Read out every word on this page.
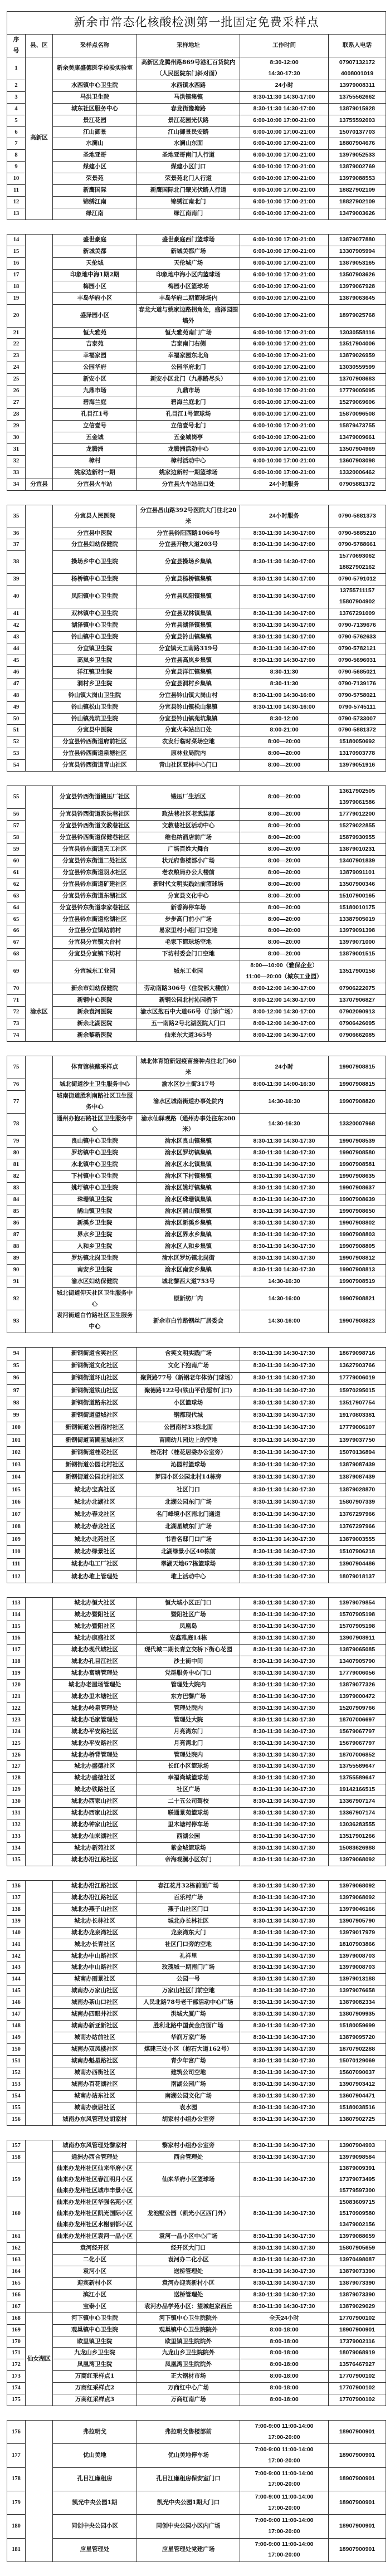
新余市常态化核酸检测第一批固定免费采样点					
序
号	县、区	采样点名称	采样地址	工作时间	联系人电话
1	高新区	新余美康盛德医学检验实验室	高新区龙腾州路869号港汇百货院内
（人民医院东门斜对面）	8:30-12:00
14:30-17:30	07907132172
4008001019
2		水西镇中心卫生院	水西镇水西路	24小时	13979008311
3		马洪卫生院	马洪镇集镇	8:30-11:30 14:30-17:00	13755562662
4		城东社区服务中心	春龙街豫塘路	8:30-11:30 14:30-17:00	13879015928
5		景江花园	景江花园光伏路	6:00-10:00 17:00-21:00	13755592003
6		江山御景	江山御景民安路	6:00-10:00 17:00-21:00	15070137703
7		水澜山	水澜山东面	6:00-10:00 17:00-21:00	18807904676
8		圣地亚哥	圣地亚哥南门人行道	6:00-10:00 17:00-21:00	13979052533
9		煤建小区	煤建小区门口	6:00-10:00 17:00-21:00	13879002769
10		荣景苑	荣景苑北门人行道	6:00-10:00 17:00-21:00	13979088553
11		新鹰国际	新鹰国际北门肇光伏路人行道	6:00-10:00 17:00-21:00	18827902109
12		锦绣江南	锦绣江南北门	6:00-10:00 17:00-21:00	18827902109
13		绿江南	绿江南南门	6:00-10:00 17:00-21:00	13479003626
14		盛世豪庭	盛世豪庭西门篮球场	6:00-10:00 17:00-21:00	13879077880
15		新城美都	新城美都广场	6:00-10:00 17:00-21:00	13307905994
16		天伦城	天伦城广场	6:00-10:00 17:00-21:00	13879053165
17		印象地中海1期2期	印象地中海小区内篮球场	6:00-10:00 17:00-21:00	13507903626
18		梅园小区	梅园小区篮球场	6:00-10:00 17:00-21:00	13979067928
19		丰岛华府小区	丰岛华府二期篮球场内	6:00-10:00 17:00-21:00	13879063645
20		盛泽园小区	春龙大道与姚家边路拐角处，盛泽园围墙外	6:00-10:00 17:00-21:00	18979025768
21		恒大雅苑	恒大雅苑南门广场	6:00-10:00 17:00-21:00	13030558116
22		吉泰苑	吉泰南门右侧	6:00-10:00 17:00-21:00	13517904006
23		幸福家园	幸福家园东北角	6:00-10:00 17:00-21:00	13879026959
24		公园华府	公园华府北门	6:00-10:00 17:00-21:00	13030559599
25		新安小区	新安小区北门（九鼎路尽头）	6:00-10:00 17:00-21:00	13707908683
26		九鼎市场	九鼎市场	6:00-10:00 17:00-21:00	17779005095
27		碧海兰庭	碧海兰庭北门	6:00-10:00 17:00-21:00	15279069606
28		孔目江1号	孔目江1号篮球场	6:00-10:00 17:00-21:00	15870096508
29		立信壹号	立信壹号北门	6:00-10:00 17:00-21:00	15879473755
30		五金城	五金城岗亭	6:00-10:00 17:00-21:00	13479009661
31		龙腾洲	龙腾洲活动中心	6:00-10:00 17:00-21:00	13507904969
32		樟村	樟村活动中心	6:00-10:00 17:00-21:00	13607903098
33		姚家边新村一期	姚家边新村一期篮球场	6:00-10:00 17:00-21:00	13320006462
34	分宜县	分宜县火车站	分宜县火车站出口处	24小时服务	07905881372
35		分宜县人民医院	分宜县昌山路392号医院大门往北20米	24小时服务	0790-5881373
36		分宜县中医院	分宜县钤阳西路1066号	8:30-11:30 14:30-17:00	0790-5885210
37		分宜县妇幼保健院	分宜县开物大道203号	8:30-11:30 14:30-17:00	0790-5788661
38		操场乡中心卫生院	分宜县操场乡集镇	8:30-11:30 14:30-17:00	15770693062
18827902162
39		杨桥镇中心卫生院	分宜县杨桥镇集镇	8:30-11:30 14:30-17:00	0790-5791012
40		凤阳镇中心卫生院	分宜县凤阳镇集镇	8:30-11:30 14:30-17:00	13755711157
15807904902
41		双林镇中心卫生院	分宜县双林镇集镇	8:30-11:30 14:30-17:00	13767291009
42		湖泽镇中心卫生院	分宜县湖泽镇集镇	8:30-11:30 14:30-17:00	0790-7139676
43		钤山镇中心卫生院	分宜县钤山镇集镇	8:30-11:30 14:30-17:00	0790-5762633
44		分宜镇卫生院	分宜镇天工南路319号	8:30-11:30 14:30-17:00	0790-5782121
45		高岚乡卫生院	分宜县高岚乡集镇	8:30-11:30 14:30-17:00	0790-5696031
46		洋江镇卫生院	分宜县洋江镇集镇	8:30-11:30	0790-5685021
47		洞村乡卫生院	分宜县洞村乡集镇	8:30-11:30	0790-7139176
48		钤山镇大岗山卫生院	分宜县钤山镇大岗山村	8:30-11:00 14:30-16:00	0790-5758021
49		钤山镇松山卫生院	分宜县钤山镇松山集镇	8:30-11:00 14:30-16:00	0790-5745111
50		钤山镇苑坑卫生院	分宜县钤山镇苑坑集镇	8:30-12:00	0790-5733007
51		分宜县中医院	分宜火车站出口处	8:00-21:00	0790-5881372
52		分宜县钤西街道府前社区	农发行临时菜场空地	8:00—20:00	15180050692
53		分宜县钤西街道泉塘社区	原林业局院内	8:00—20:00	13170903778
54		分宜县钤西街道青山社区	青山社区亚林中心门口	8:00—20:00	13979051916
55		分宜县钤西街道锻压厂社区	锻压厂生活区	8:00—20:00	13617902505
13979061586
56		分宜县钤西街道政法巷社区	政法巷社区老武装部	8:00—20:00	17779012200
57		分宜县钤西街道文教巷社区	文教巷社区活动中心	8:00—20:00	15279022855
58		分宜县钤西街道保健巷社区	维也纳酒店前广场	8:00—20:00	15879930955
59		分宜县钤东街道天工社区	广场百姓大舞台	8:00—20:00	13879010231
60		分宜县钤东街道二处社区	状元府售楼部小广场	8:00—20:00	13407901839
61		分宜县钤东街道羽水社区	老农粮局办公大楼前	8:00—20:00	13879091101
62		分宜县钤东街道矿建社区	新时代文明实践站前篮球场	8:00—20:00	13507900346
63		分宜县钤东街道东湖社区	分宜县文化中心	8:00—20:00	15107900165
64		分宜县钤东街道李家巷社区	新香海停车场	8:00—20:00	15180010175
65		分宜县钤东街道松湖社区	步步高门前小广场	8:00—20:00	13387905019
66		分宜县分宜镇站前村	易家里村小组门口空地	8:00—20:00	13979091398
67		分宜县分宜镇大台村	毛家下篮球场空地	8:00—20:00	13979071000
68		分宜县分宜镇下坊村	下坊村委会门口空地	8:00—20:00	13879001515
69		分宜城东工业园	城东工业园	8:00—10:00（雅保企业）
11:00—20:00（城东工业园）	13517900158
70	渝水区	新余市妇幼保健院	劳动南路306号（住院部大楼前）	8:00-12:00 14:30-17:00	07906222075
71		新钢中心医院	新钢公园北村沁园桥下	8:00-12:00 14:30-17:00	13707906827
72		新余袁河医院	渝水区抱石中大道66号（门诊广场）	8:00-12:00 14:30-17:00	07902090913
73		新余北湖医院	五一南路2号北湖医院大门口	8:00-12:00 14:30-17:00	07906426095
74		新余黎新医院	仙来东大道365号	8:00-12:00 14:30-17:00	07906662085
75		体育馆核酸采样点	城北体育馆新冠疫苗接种点往北门60米	24小时	19907908815
76		城北街道沙土卫生服务中心	渝水区沙土街317号	8:00-11:30 14:00-16:30	19907908815
77		城南街道胜利南路社区卫生服务中心	渝水区城南街道办事处院内	14:30-16:30	19907908820
78		通州办抱石路社区卫生服务中心	渝水仙驿观路（通州办事处往东200米）	14:30-16:30	13320007968
79		良山镇中心卫生院	渝水区良山镇集镇	8:30-11:30 14:30-17:30	19907908539
80		罗坊镇中心卫生院	渝水区罗坊镇集镇	8:30-11:30 14:30-17:30	19907908580
81		水北镇中心卫生院	渝水区水北镇集镇	8:30-11:30 14:30-17:30	19907908581
82		下村镇中心卫生院	渝水区下村镇集镇	8:30-11:30 14:30-17:30	19907908635
83		姚圩镇中心卫生院	渝水区姚圩镇集镇	8:30-11:30 14:30-17:30	19907908637
84		珠珊镇卫生院	渝水区珠珊镇集镇	8:30-11:30 14:30-17:30	19907908639
85		鹄山镇卫生院	渝水区鹄山镇集镇	8:30-11:30 14:30-17:30	19907908650
86		新溪乡卫生院	渝水区新溪乡集镇	8:30-11:30 14:30-17:30	19907908802
87		界水乡卫生院	渝水区界水乡集镇	8:30-11:30 14:30-17:30	19907908803
88		人和乡卫生院	渝水区人和乡集镇	8:30-11:30 14:30-17:30	19907908805
89		罗坊镇北岗卫生院	渝水区罗坊镇北岗街	8:30-11:30 14:30-17:30	19907908812
90		南安乡卫生院	渝水区南安乡集镇	8:30-11:30 14:30-17:30	19907908813
91		渝水区妇幼保健院	城北黎西大道753号	14:30-16:30	19907908519
92		城北街道仰天社区卫生服务中心	原新纺厂内	14:30-16:00	19907908821
93		袁河街道白竹路社区卫生服务中心	新余市白竹路钢丝厂居委会	14:30-16:00	19907908823
94		新钢街道含笑社区	含笑文明实践广场	8:30-11:30 14:30-17:30	18679098716
95		新钢街道文化社区	文化下抱南广场	8:30-11:30 14:30-17:30	13627903766
96		新钢街道环山社区	聚贤路77号（新钢老年体协门球场）	8:30-11:30 14:30-17:30	17779006019
97		新钢街道铁山社区	聚德路122号(铁山平价超市门口)	8:30-11:30 14:30-17:30	15970295015
98		新钢街道路东社区	小区篮球场	8:30-11:30 14:30-17:30	13517907754
99		新钢街道望城社区	钢都现代城	8:30-11:30 14:30-17:30	19170803381
100		新钢街道公园南村社区	公园南村33栋北面	8:30-11:30 14:30-17:30	17779006107
101		新钢街道苗圃星城社区	苗圃幼儿园边上的空地	8:30-11:30 14:30-17:30	13979037750
102		新钢街道桂花社区	桂花村（桂花居委办公室旁）	8:30-11:30 14:30-17:30	15070136894
103		新钢街道公园北村社区	沁园村篮球场	8:30-11:30 14:30-17:30	13879087439
104		新钢街道公园北村社区	梦园小区公园北村14栋旁	8:30-11:30 14:30-17:30	13879087439
105		城北办宝真社区	社区门口	8:30-11:30 14:30-17:30	13879028870
106		城北办北湖社区	北湖公园东门广场	8:30-11:30 14:30-17:30	15807907339
107		城北办春龙社区	名门峰境小区南北门通道	8:30-11:30 14:30-17:30	13767297966
108		城北办春龙社区	北湖星城东门广场	8:30-11:30 14:30-17:30	13767297966
109		城北办北苑社区	书香名邸门口广场	8:30-11:30 14:30-17:30	13879003555
110		城北办绿景社区	北湖绿景小区40栋前	8:30-11:30 14:30-17:30	15107906218
111		城北办电工厂社区	翠湖天地67栋篮球场	8:30-11:30 14:30-17:30	13907904486
112		城北办堆上管理处	堆上活动中心	8:30-11:30 14:30-17:30	18079018137
113		城北办恒大社区	恒大城小区正门口	8:30-11:30 14:30-17:30	13979079854
114		城北办暨阳社区	暨阳社区广场	8:30-11:30 14:30-17:30	15707905198
115		城北办暨阳社区	凤凰岛	8:30-11:30 14:30-17:30	15707905198
116		城北办康盛社区	安鑫雅庭14栋	8:30-11:30 14:30-17:30	13907908911
117		城北办现代城社区	现代城二期长青立交桥下街心花园	8:30-11:30 14:30-17:30	13879065085
118		城北办孔目江社区	沙土街中间	8:30-11:30 14:30-17:30	13407905790
119		城北办富塘管理处	党群服务中心门口	8:30-11:30 14:30-17:30	17779006056
120		城北办老屋场管理处	管理处大院内	8:30-11:30 14:30-17:30	13879077326
121		城北办里木塘社区	东方巴黎广场	8:30-11:30 14:30-17:30	13979000472
122		城北办岭泉管理处	管理处院内	8:30-11:30 14:30-17:30	15207909766
123		城北办毛家管理处	管理处大院	8:30-11:30 14:30-17:30	18707006697
124		城北办平安路社区	月亮湾东门	8:30-11:30 14:30-17:30	15679067797
125		城北办平安路社区	月亮湾北门	8:30-11:30 14:30-17:30	15679067797
126		城北办桥背管理处	管理处院内	8:30-11:30 14:30-17:30	18707006852
127		城北办盛德社区	长红小区篮球场	8:30-11:30 14:30-17:30	13755589647
128		城北办盛德社区	幸福尚城篮球场	8:30-11:30 14:30-17:30	13755589647
129		城北办铁路社区	社区广场	8:30-11:30 14:30-17:30	19142166515
130		城北办西家山社区	二十五公司驾校	8:30-11:30 14:30-17:30	13367907174
131		城北办西家山社区	联通景苑篮球场	8:30-11:30 14:30-17:30	13367907174
132		城北办钟家山社区	里木塘村停车场	8:30-11:30 14:30-17:30	13036283555
133		城北办仙来湖社区	西湖公园	8:30-11:30 14:30-17:30	13517901266
134		城北办新苑社区	紫金城篮球场	8:30-11:30 14:30-17:30	15083626988
135		城北办沿江路社区	帝海观澜小区东门	8:30-11:30 14:30-17:30	13979068092
136		城北办沿江路社区	春江花月32栋前面广场	8:30-11:30 14:30-17:30	13979068092
137		城北办沿江路社区	百乐村广场	8:30-11:30 14:30-17:30	13979068092
138		城北办燕子山社区	燕子山社区门口	8:30-11:30 14:30-17:30	13979046166
139		城北办长林社区	城北办长林社区	8:30-11:30 14:30-17:30	13907905790
140		城北办龙泉湾社区	龙泉湾东大门	8:30-11:30 14:30-17:30	13979017979
141		城北办长青社区	社区门口旁的空地	8:30-11:30 14:30-17:30	18107903866
142		城北办中山路社区	礼祥里	8:30-11:30 14:30-17:30	13979008703
143		城北办中山路社区	玫瑰城一期南门广场	8:30-11:30 14:30-17:30	13979008703
144		城南办丽景社区	公园一号	8:30-11:30 14:30-17:30	13979013188
145		城南办万家山社区	万家山社区门前空地	8:30-11:30 14:30-17:30	13979076658
146		城南办茶山口社区	人民北路78号老干部活动中心广场	8:30-11:30 14:30-17:30	13879082334
147		城南办四眼井社区	洪城大厦广场	8:30-11:30 14:30-17:30	13807909935
148		城南办新亚新社区	胜利北路中国黄金店面广场	8:30-11:30 14:30-17:30	15180059699
149		城南办站前社区	华润万家广场	8:30-11:30 14:30-17:30	13879095720
150		城南办双凤楼社区	煤建三处小区（抱石大道162号）	8:30-11:30 14:30-17:30	18707902288
151		城南办魁星路社区	青少年宫广场	8:30-11:30 14:30-17:30	15070129069
152		城南办西街社区	建筑公司空地	8:30-11:30 14:30-17:30	15607090037
153		城南办百花湖社区	南湖公园广场	8:30-11:30 14:30-17:30	13907903412
154		城南办站东社区	南湖公园文化广场	8:30-11:30 14:30-17:30	13607904471
155		城南办康居社区	袁水园	8:30-11:30 14:30-17:30	15180038516
156		城南办东风管理处胡家村	胡家村小组办公室旁	8:30-11:30 14:30-17:30	13807902725
157		城南办东风管理处黎家村	黎家村小组办公室旁	8:30-11:30 14:30-17:30	13907904903
158		通洲办西合管理处	西合管理处	8:30-11:30 14:30-17:30	13979098584
159		仙来办龙州社区仙来华府小区
仙来办龙州社区春江明月小区
仙来办龙州社区城市丰景小区	仙来华府小区篮球场	8:30-11:30 14:30-17:30	13879009391
17379073495
15779597300
160		仙来办龙州社区华强名苑小区
仙来办龙州社区凯光国际小区
仙来办龙州社区水榭丽都小区	龙池墅公园（凯光小区西门外）	8:30-11:30 14:30-17:30	15083609715
15170909580
13479002156
161		仙来办龙州社区袁河一品小区	袁河一品小区中心广场	8:30-11:30 14:30-17:30	13979088659
162		袁河经开区	经开区大门口	8:30-11:30 14:30-17:30	15807905659
163		二化小区	袁河办二化小区	8:30-11:30 14:30-17:30	13970498087
164		袁河小区	送桥管理处	8:30-11:30 14:30-17:30	13879073390
165		迎宾新村小区	袁河办迎宾新村小区	8:30-11:30 14:30-17:30	13879073390
166		滨江小区	送桥管理处	8:30-11:30 14:30-17:30	13879073390
167		宝泰小区	袁河办品学苑小区：望城赵家西丘	8:30-11:30 14:30-17:30	13879029029
168	仙女湖区	河下镇中心卫生院	河下镇中心卫生院院外	全天24小时	17707900102
169		观巢镇中心卫生院	观巢镇中心卫生院院外	8:00-18:00	18907900901
170		欧里镇卫生院	欧里镇卫生院院外	8:00-18:00	17379002116
171		九龙山乡卫生院	九龙山乡卫生院院外	8:00-18:00	18079068919
172		凤凰湾卫生院	凤凰湾卫生院院外	8:00-18:00	13576467927
173		万商红采样点1	正大钢材市场	8:00-18:00	17707900102
174		万商红采样点2	万商红中心广场	8:00-18:00	17707900102
175		万商红采样点3	万商红南广场	8:00-18:00	17707900102
176		弗拉明戈	弗拉明戈售楼部前	7:00-9:00 11:00-14:00
17:00-20:00	18907900901
177		优山美地	优山美地停车场	7:00-9:00 11:00-14:00
17:00-20:00	18907900901
178		孔目江廉租房	孔目江廉租房保安室门口	7:00-9:00 11:00-14:00
17:00-20:00	18907900901
179		凯光中央公园1期	凯光中央公园1期大门口	7:00-9:00 11:00-14:00
17:00-20:00	18907900901
180		同创中央公园小区	同创中央公园小区内广场	7:00-9:00 11:00-14:00
17:00-20:00	18907900901
181		应星管理处	应星管理处党建广场	7:00-9:00 11:00-14:00
17:00-20:00	18907900901
